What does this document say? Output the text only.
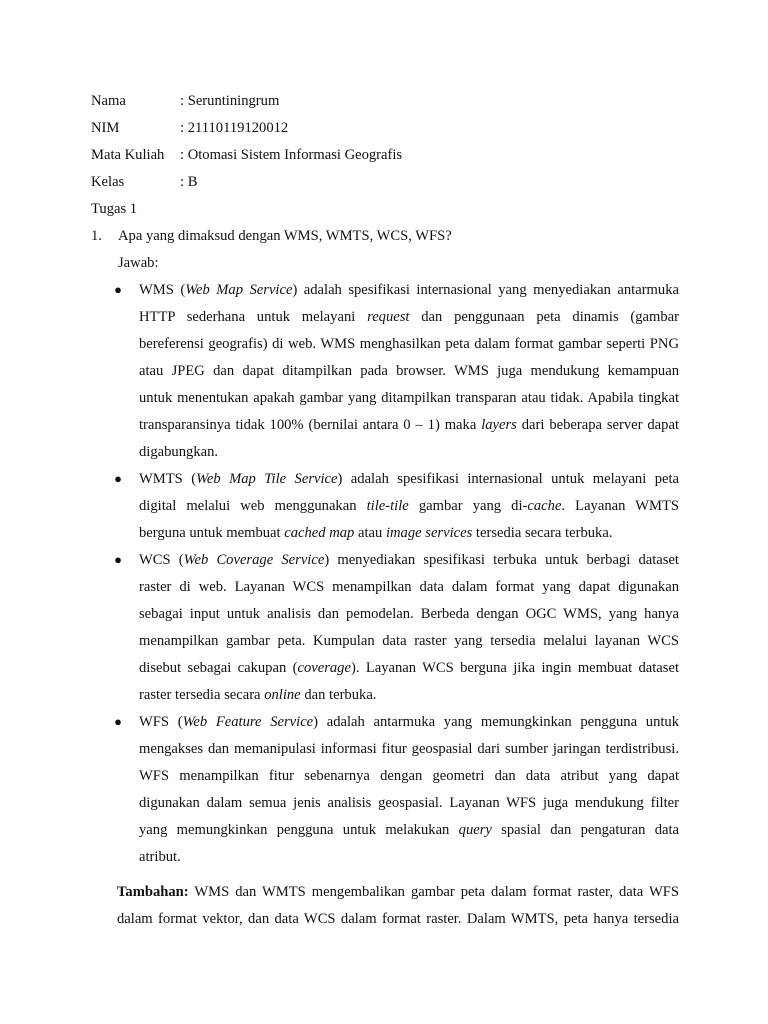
Nama	: Seruntiningrum
NIM	: 21110119120012
Mata Kuliah : Otomasi Sistem Informasi Geografis
Kelas	: B
Tugas 1
1. Apa yang dimaksud dengan WMS, WMTS, WCS, WFS?
Jawab:
●
●
●
●
WMS (Web Map Service) adalah spesifikasi internasional yang menyediakan antarmuka
HTTP sederhana untuk melayani request dan penggunaan peta dinamis (gambar
bereferensi geografis) di web. WMS menghasilkan peta dalam format gambar seperti PNG
atau JPEG dan dapat ditampilkan pada browser. WMS juga mendukung kemampuan
untuk menentukan apakah gambar yang ditampilkan transparan atau tidak. Apabila tingkat
transparansinya tidak 100% (bernilai antara 0 – 1) maka layers dari beberapa server dapat
digabungkan.
WMTS (Web Map Tile Service) adalah spesifikasi internasional untuk melayani peta
digital melalui web menggunakan tile-tile gambar yang di-cache. Layanan WMTS
berguna untuk membuat cached map atau image services tersedia secara terbuka.
WCS (Web Coverage Service) menyediakan spesifikasi terbuka untuk berbagi dataset
raster di web. Layanan WCS menampilkan data dalam format yang dapat digunakan
sebagai input untuk analisis dan pemodelan. Berbeda dengan OGC WMS, yang hanya
menampilkan gambar peta. Kumpulan data raster yang tersedia melalui layanan WCS
disebut sebagai cakupan (coverage). Layanan WCS berguna jika ingin membuat dataset
raster tersedia secara online dan terbuka.
WFS (Web Feature Service) adalah antarmuka yang memungkinkan pengguna untuk
mengakses dan memanipulasi informasi fitur geospasial dari sumber jaringan terdistribusi.
WFS menampilkan fitur sebenarnya dengan geometri dan data atribut yang dapat
digunakan dalam semua jenis analisis geospasial. Layanan WFS juga mendukung filter
yang memungkinkan pengguna untuk melakukan query spasial dan pengaturan data
atribut.
Tambahan: WMS dan WMTS mengembalikan gambar peta dalam format raster, data WFS
dalam format vektor, dan data WCS dalam format raster. Dalam WMTS, peta hanya tersedia
